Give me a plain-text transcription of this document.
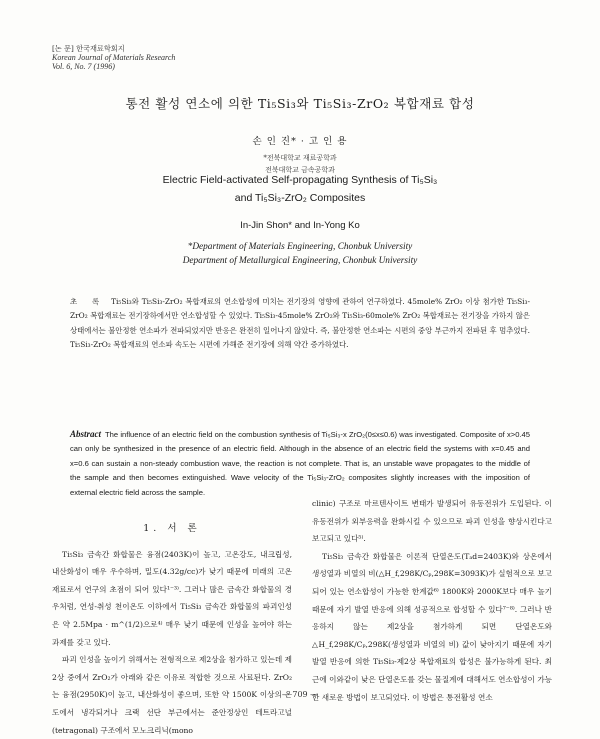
[논 문] 한국재료학회지
Korean Journal of Materials Research
Vol. 6, No. 7 (1996)
통전 활성 연소에 의한 Ti₅Si₃와 Ti₅Si₃-ZrO₂ 복합재료 합성
손 인 진* · 고 인 용
*전북대학교 재료공학과
전북대학교 금속공학과
Electric Field-activated Self-propagating Synthesis of Ti₅Si₃
and Ti₅Si₃-ZrO₂ Composites
In-Jin Shon* and In-Yong Ko
*Department of Materials Engineering, Chonbuk University
Department of Metallurgical Engineering, Chonbuk University
초 록 Ti₅Si₃와 Ti₅Si₃-ZrO₂ 복합재료의 연소합성에 미치는 전기장의 영향에 관하여 연구하였다. 45mole% ZrO₂ 이상 첨가한 Ti₅Si₃-ZrO₂ 복합재료는 전기장하에서만 연소합성할 수 있었다. Ti₅Si₃-45mole% ZrO₂와 Ti₅Si₃-60mole% ZrO₂ 복합재료는 전기장을 가하지 않은 상태에서는 불안정한 연소파가 전파되었지만 반응은 완전히 일어나지 않았다. 즉, 불안정한 연소파는 시편의 중앙 부근까지 전파된 후 멈추었다. Ti₅Si₃-ZrO₂ 복합재료의 연소파 속도는 시편에 가해준 전기장에 의해 약간 증가하였다.
Abstract The influence of an electric field on the combustion synthesis of Ti₅Si₃-x ZrO₂(0≤x≤0.6) was investigated. Composite of x>0.45 can only be synthesized in the presence of an electric field. Although in the absence of an electric field the systems with x=0.45 and x=0.6 can sustain a non-steady combustion wave, the reaction is not complete. That is, an unstable wave propagates to the middle of the sample and then becomes extinguished. Wave velocity of the Ti₅Si₃-ZrO₂ composites slightly increases with the imposition of external electric field across the sample.
1. 서 론

Ti₅Si₃ 금속간 화합물은 융점(2403K)이 높고, 고온강도, 내크립성, 내산화성이 매우 우수하며, 밀도(4.32g/cc)가 낮기 때문에 미래의 고온재료로서 연구의 초점이 되어 있다¹⁻³⁾. 그러나 많은 금속간 화합물의 경우처럼, 연성-취성 천이온도 이하에서 Ti₅Si₃ 금속간 화합물의 파괴인성은 약 2.5Mpa · m^(1/2)으로⁴⁾ 매우 낮기 때문에 인성을 높여야 하는 과제를 갖고 있다.

파괴 인성을 높이기 위해서는 전형적으로 제2상을 첨가하고 있는데 제2상 중에서 ZrO₂가 아래와 같은 이유로 적합한 것으로 사료된다. ZrO₂는 융점(2950K)이 높고, 내산화성이 좋으며, 또한 약 1500K 이상의 온도에서 냉각되거나 크랙 선단 부근에서는 준안정상인 테트라고널(tetragonal) 구조에서 모노크리닉(mono

clinic) 구조로 마르텐사이트 변태가 발생되어 유동전위가 도입된다. 이 유동전위가 외부응력을 완화시킬 수 있으므로 파괴 인성을 향상시킨다고 보고되고 있다⁵⁾.

Ti₅Si₃ 금속간 화합물은 이론적 단열온도(Tₐd=2403K)와 상온에서 생성열과 비열의 비(△H_f,298K/Cₚ,298K=3093K)가 실험적으로 보고되어 있는 연소합성이 가능한 한계값⁶⁾ 1800K와 2000K보다 매우 높기 때문에 자기 발열 반응에 의해 성공적으로 합성할 수 있다⁷⁻⁸⁾. 그러나 반응하지 않는 제2상을 첨가하게 되면 단열온도와 △H_f,298K/Cₚ,298K(생성열과 비열의 비) 값이 낮아지기 때문에 자기발열 반응에 의한 Ti₅Si₃-제2상 복합재료의 합성은 불가능하게 된다. 최근에 이와같이 낮은 단열온도를 갖는 물질계에 대해서도 연소합성이 가능한 새로운 방법이 보고되었다. 이 방법은 통전활성 연소

— 709 —
